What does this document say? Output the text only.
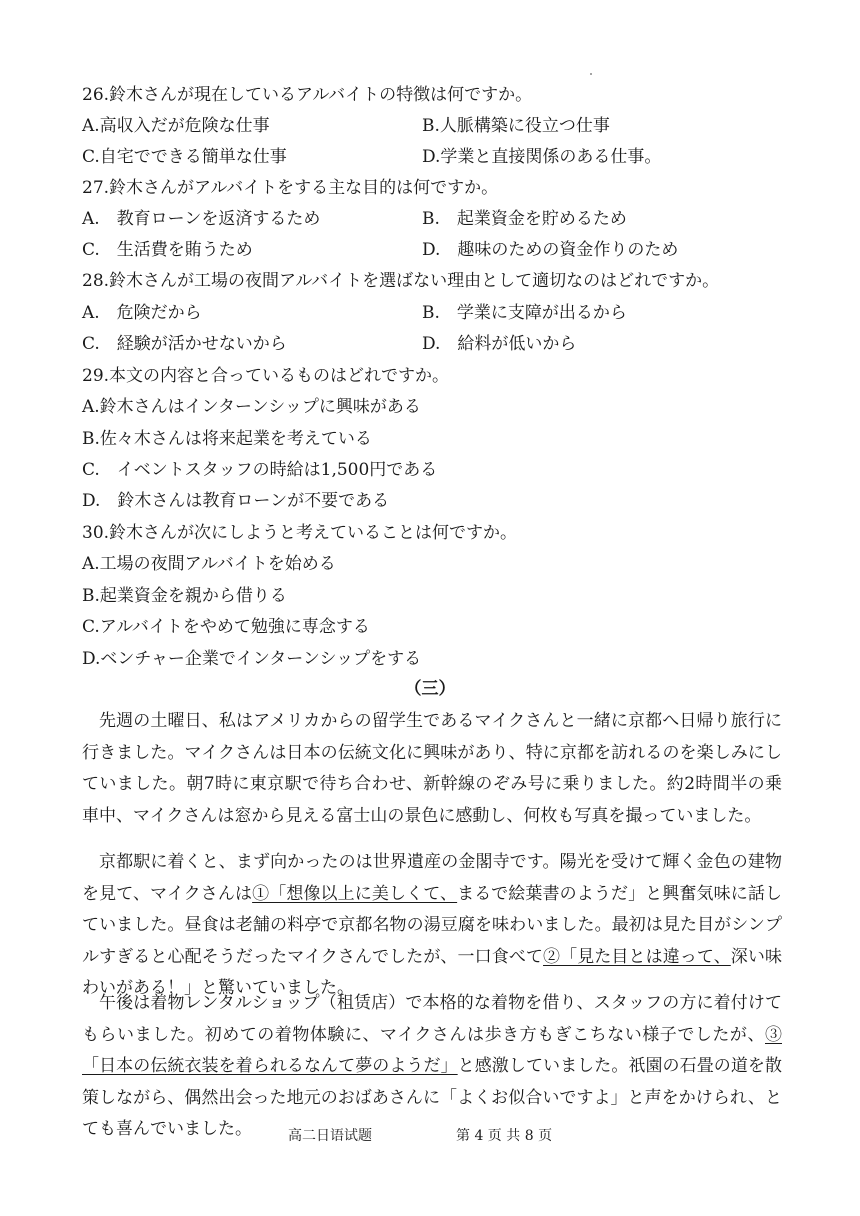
26.鈴木さんが現在しているアルバイトの特徴は何ですか。
A.高収入だが危険な仕事	B.人脈構築に役立つ仕事
C.自宅でできる簡単な仕事	D.学業と直接関係のある仕事。
27.鈴木さんがアルバイトをする主な目的は何ですか。
A.　教育ローンを返済するため	B.　起業資金を貯めるため
C.　生活費を賄うため	D.　趣味のための資金作りのため
28.鈴木さんが工場の夜間アルバイトを選ばない理由として適切なのはどれですか。
A.　危険だから	B.　学業に支障が出るから
C.　経験が活かせないから	D.　給料が低いから
29.本文の内容と合っているものはどれですか。
A.鈴木さんはインターンシップに興味がある
B.佐々木さんは将来起業を考えている
C.　イベントスタッフの時給は1,500円である
D.　鈴木さんは教育ローンが不要である
30.鈴木さんが次にしようと考えていることは何ですか。
A.工場の夜間アルバイトを始める
B.起業資金を親から借りる
C.アルバイトをやめて勉強に専念する
D.ベンチャー企業でインターンシップをする
（三）

先週の土曜日、私はアメリカからの留学生であるマイクさんと一緒に京都へ日帰り旅行に行きました。マイクさんは日本の伝統文化に興味があり、特に京都を訪れるのを楽しみにしていました。朝7時に東京駅で待ち合わせ、新幹線のぞみ号に乗りました。約2時間半の乗車中、マイクさんは窓から見える富士山の景色に感動し、何枚も写真を撮っていました。

京都駅に着くと、まず向かったのは世界遺産の金閣寺です。陽光を受けて輝く金色の建物を見て、マイクさんは①「想像以上に美しくて、まるで絵葉書のようだ」と興奮気味に話していました。昼食は老舗の料亭で京都名物の湯豆腐を味わいました。最初は見た目がシンプルすぎると心配そうだったマイクさんでしたが、一口食べて②「見た目とは違って、深い味わいがある！」と驚いていました。

午後は着物レンタルショップ（租赁店）で本格的な着物を借り、スタッフの方に着付けてもらいました。初めての着物体験に、マイクさんは歩き方もぎこちない様子でしたが、③「日本の伝統衣装を着られるなんて夢のようだ」と感激していました。祇園の石畳の道を散策しながら、偶然出会った地元のおばあさんに「よくお似合いですよ」と声をかけられ、とても喜んでいました。	高二日语试题	第 4 页 共 8 页
